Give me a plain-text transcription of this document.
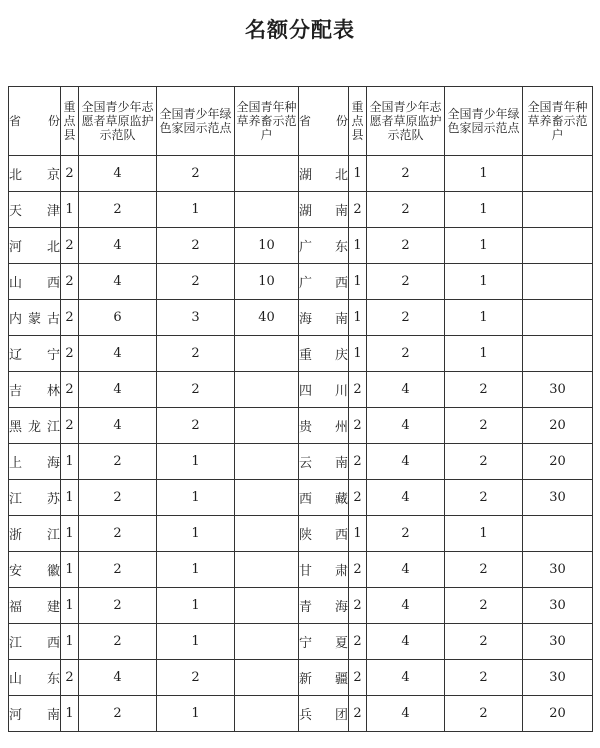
名额分配表
省　份	重点县	全国青少年志愿者草原监护示范队	全国青少年绿色家园示范点	全国青年种草养畜示范户	省　份	重点县	全国青少年志愿者草原监护示范队	全国青少年绿色家园示范点	全国青年种草养畜示范户
北京	2	4	2		湖北	1	2	1	
天津	1	2	1		湖南	2	2	1	
河北	2	4	2	10	广东	1	2	1	
山西	2	4	2	10	广西	1	2	1	
内蒙古	2	6	3	40	海南	1	2	1	
辽宁	2	4	2		重庆	1	2	1	
吉林	2	4	2		四川	2	4	2	30
黑龙江	2	4	2		贵州	2	4	2	20
上海	1	2	1		云南	2	4	2	20
江苏	1	2	1		西藏	2	4	2	30
浙江	1	2	1		陕西	1	2	1	
安徽	1	2	1		甘肃	2	4	2	30
福建	1	2	1		青海	2	4	2	30
江西	1	2	1		宁夏	2	4	2	30
山东	2	4	2		新疆	2	4	2	30
河南	1	2	1		兵团	2	4	2	20
